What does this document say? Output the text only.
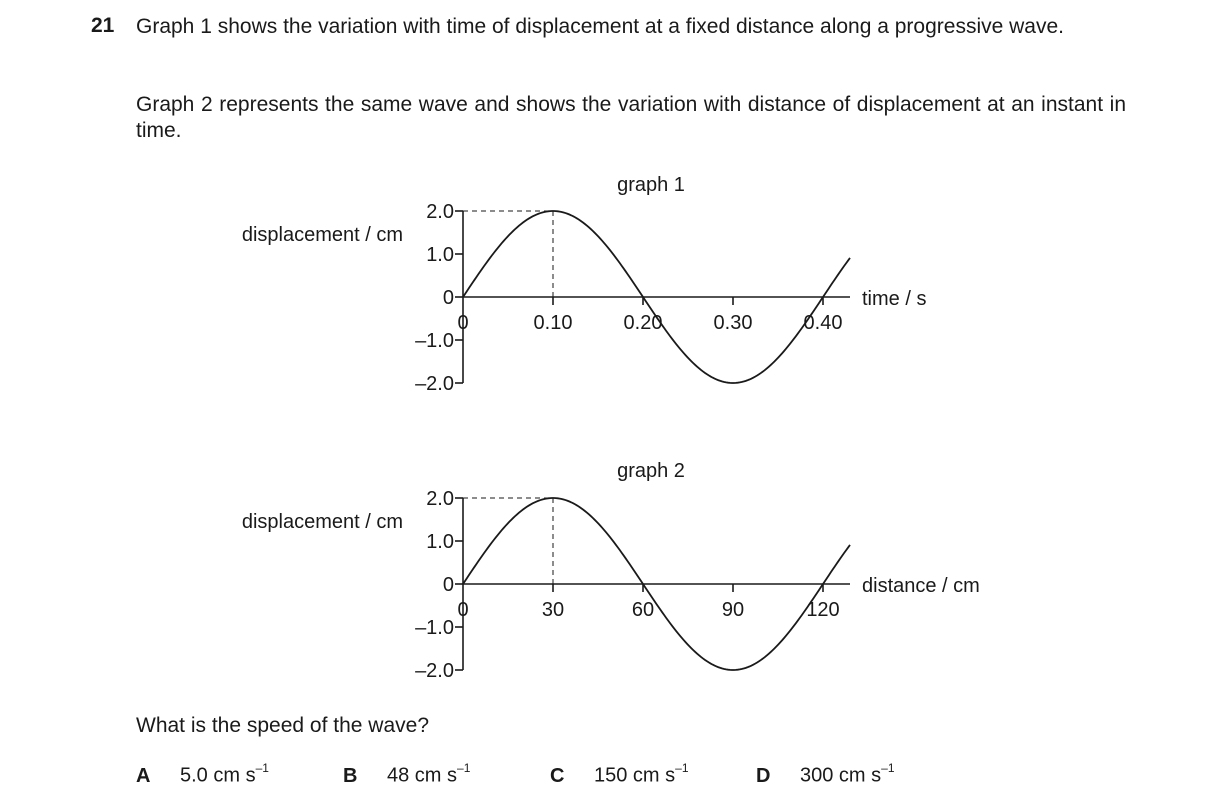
21 Graph 1 shows the variation with time of displacement at a fixed distance along a progressive wave.
Graph 2 represents the same wave and shows the variation with distance of displacement at an instant in time.
graph 1
displacement / cm
time / s
2.0
1.0
0
–1.0
–2.0
0	0.10	0.20	0.30	0.40
graph 2
displacement / cm
distance / cm
2.0
1.0
0
–1.0
–2.0
0	30	60	90	120
What is the speed of the wave?
A 5.0 cm $s^{-1}$	B 48 cm $s^{-1}$	C 150 cm $s^{-1}$	D 300 cm $s^{-1}$
